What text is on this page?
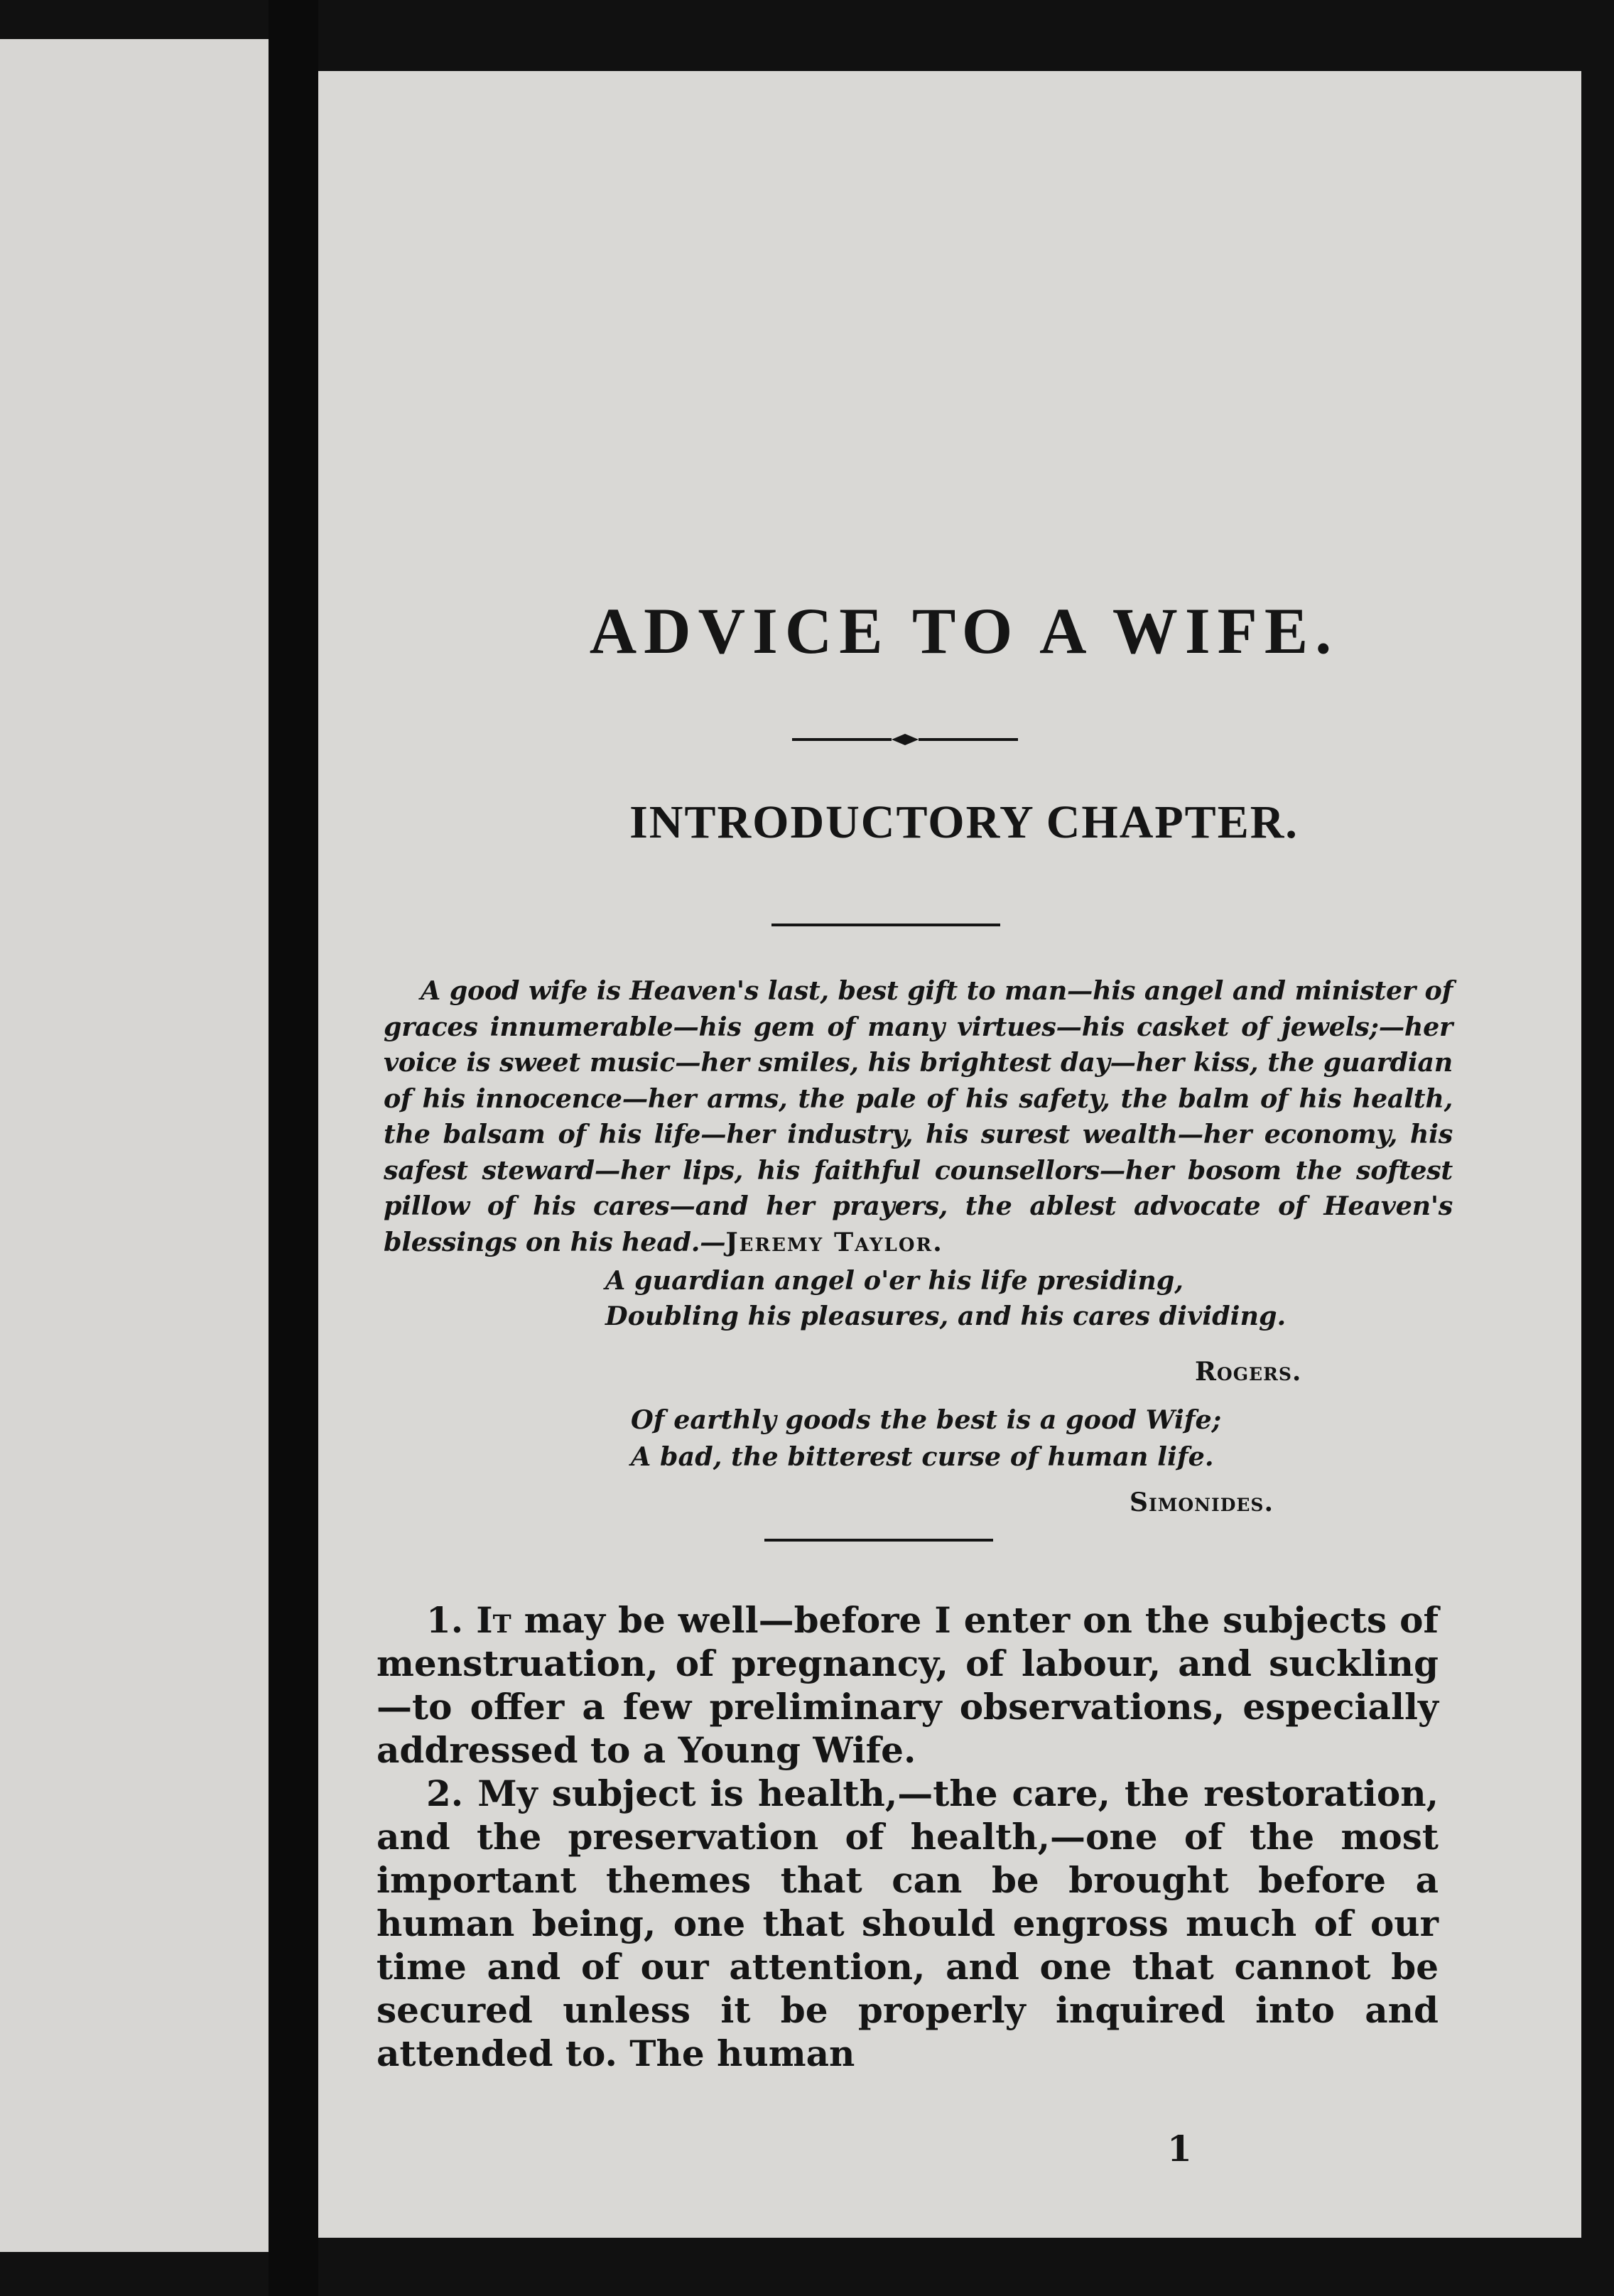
ADVICE TO A WIFE.
INTRODUCTORY CHAPTER.

A good wife is Heaven's last, best gift to man—his angel and minister of graces innumerable—his gem of many virtues—his casket of jewels;—her voice is sweet music—her smiles, his brightest day—her kiss, the guardian of his innocence—her arms, the pale of his safety, the balm of his health, the balsam of his life—her industry, his surest wealth—her economy, his safest steward—her lips, his faithful counsellors—her bosom the softest pillow of his cares—and her prayers, the ablest advocate of Heaven's blessings on his head.—Jeremy Taylor.

A guardian angel o'er his life presiding,

Doubling his pleasures, and his cares dividing.

Rogers.

Of earthly goods the best is a good Wife;

A bad, the bitterest curse of human life.

Simonides.

1. It may be well—before I enter on the subjects of menstruation, of pregnancy, of labour, and suckling—to offer a few preliminary observations, especially addressed to a Young Wife.

2. My subject is health,—the care, the restoration, and the preservation of health,—one of the most important themes that can be brought before a human being, one that should engross much of our time and of our attention, and one that cannot be secured unless it be properly inquired into and attended to. The human

1
